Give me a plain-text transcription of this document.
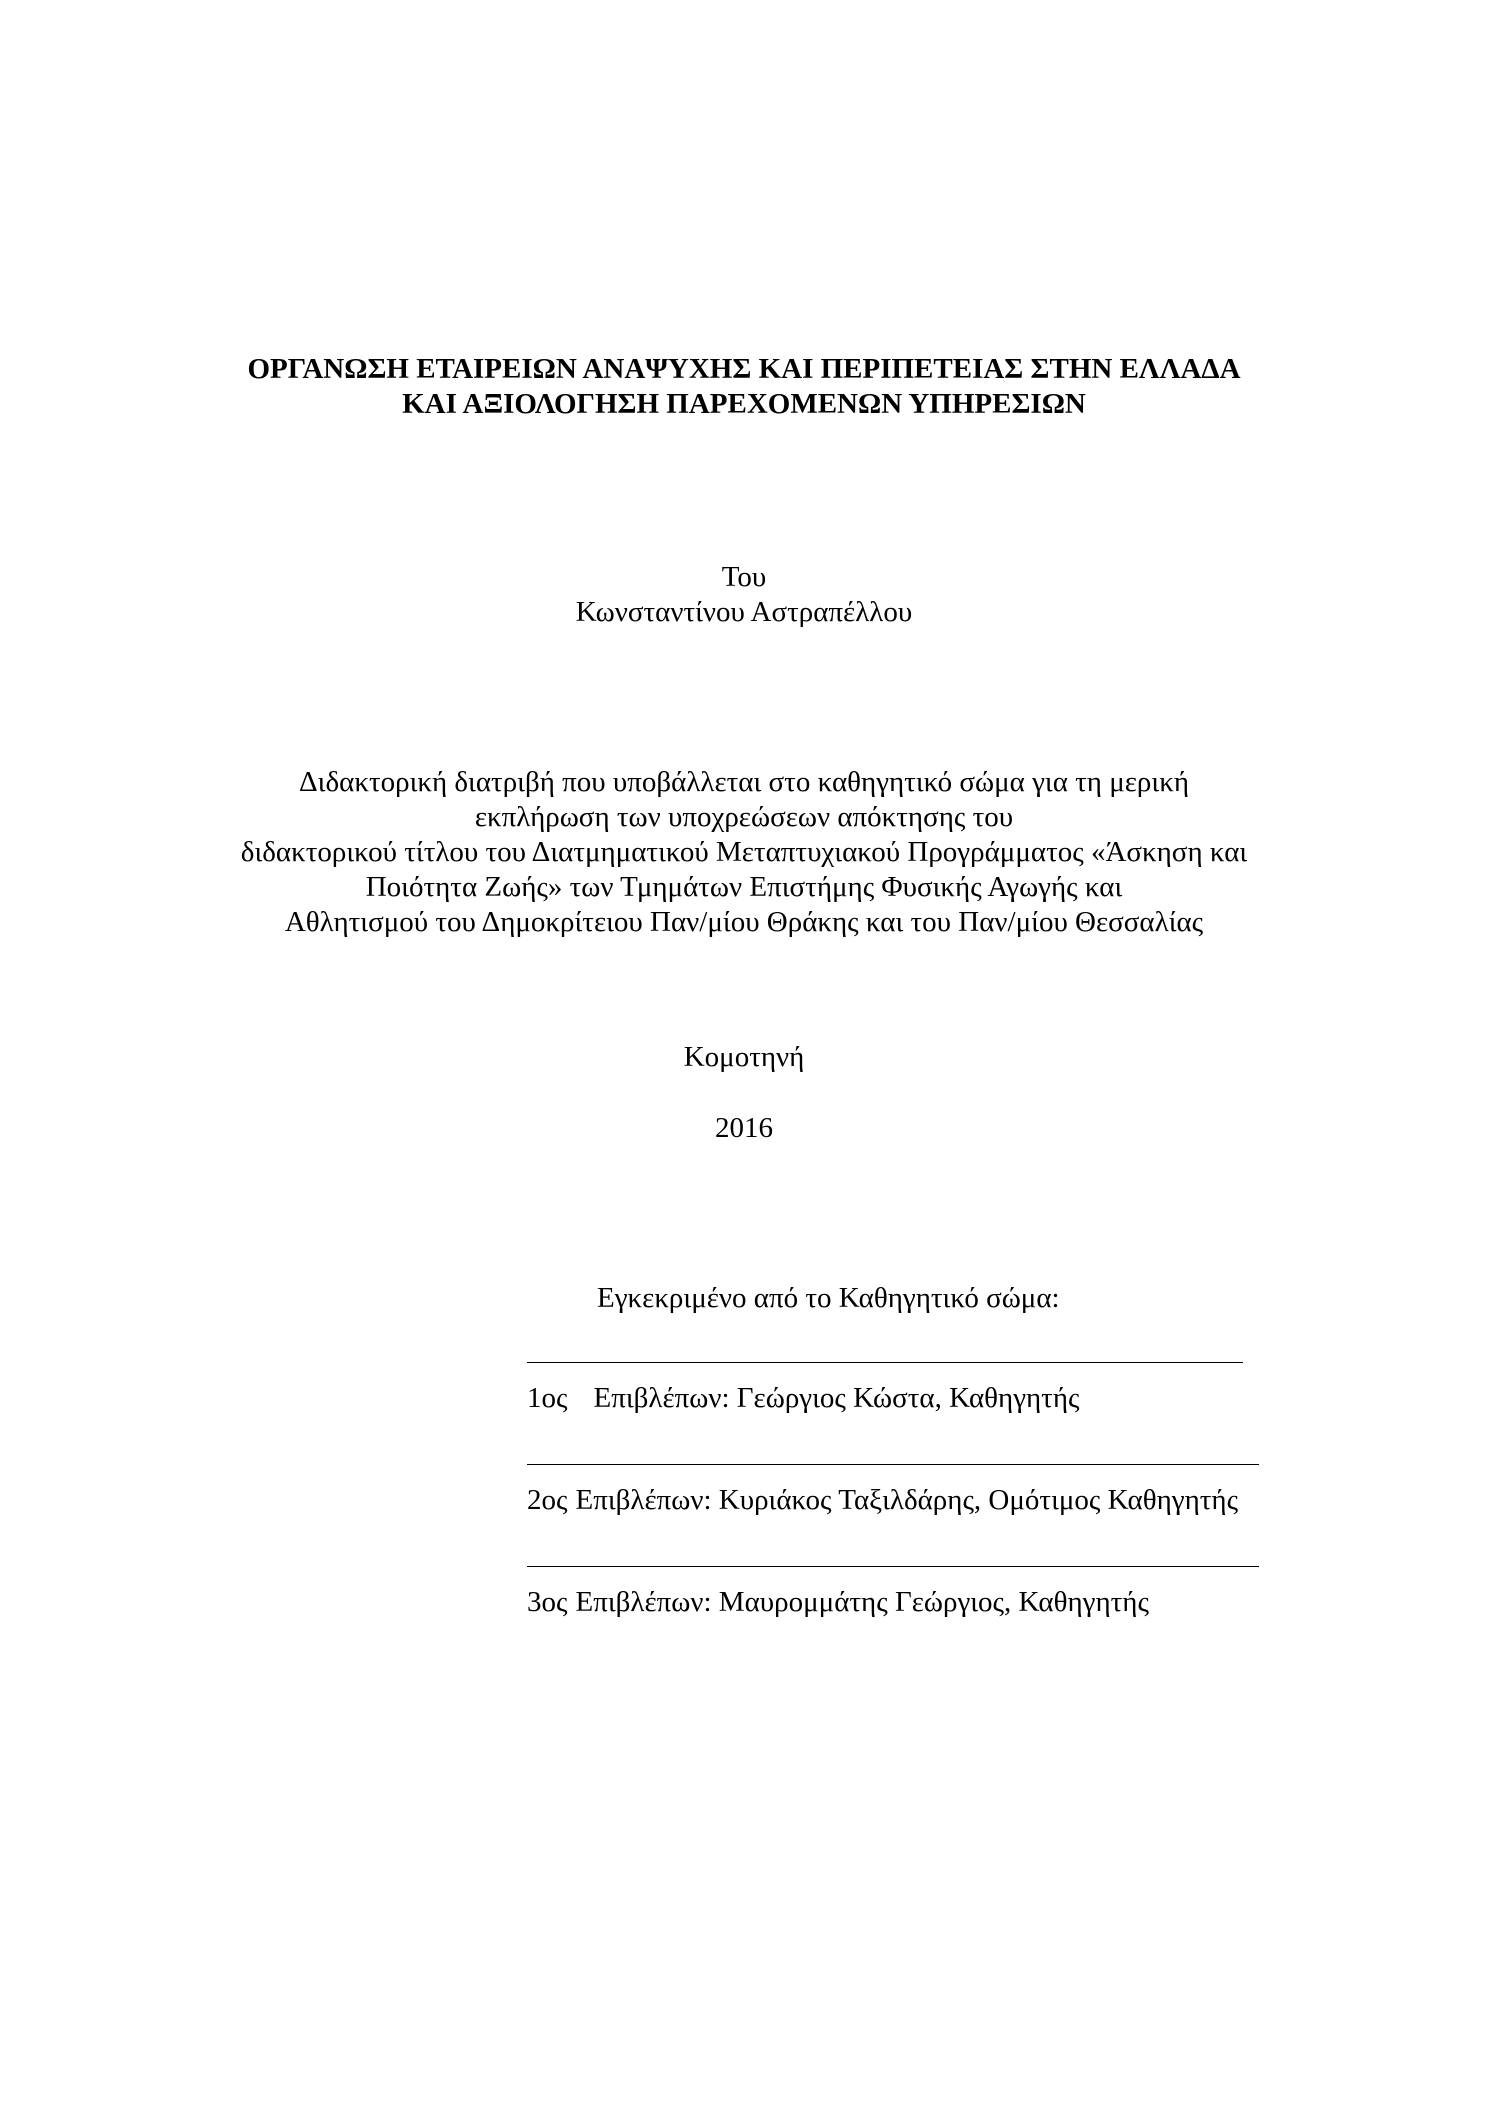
ΟΡΓΑΝΩΣΗ ΕΤΑΙΡΕΙΩΝ ΑΝΑΨΥΧΗΣ ΚΑΙ ΠΕΡΙΠΕΤΕΙΑΣ ΣΤΗΝ ΕΛΛΑΔΑ
ΚΑΙ ΑΞΙΟΛΟΓΗΣΗ ΠΑΡΕΧΟΜΕΝΩΝ ΥΠΗΡΕΣΙΩΝ
Του
Κωνσταντίνου Αστραπέλλου
Διδακτορική διατριβή που υποβάλλεται στο καθηγητικό σώμα για τη μερική
εκπλήρωση των υποχρεώσεων απόκτησης του
διδακτορικού τίτλου του Διατμηματικού Μεταπτυχιακού Προγράμματος «Άσκηση και
Ποιότητα Ζωής» των Τμημάτων Επιστήμης Φυσικής Αγωγής και
Αθλητισμού του Δημοκρίτειου Παν/μίου Θράκης και του Παν/μίου Θεσσαλίας
Κομοτηνή
2016
Εγκεκριμένο από το Καθηγητικό σώμα:
1ος Επιβλέπων: Γεώργιος Κώστα, Καθηγητής
2ος Επιβλέπων: Κυριάκος Ταξιλδάρης, Ομότιμος Καθηγητής
3ος Επιβλέπων: Μαυρομμάτης Γεώργιος, Καθηγητής
